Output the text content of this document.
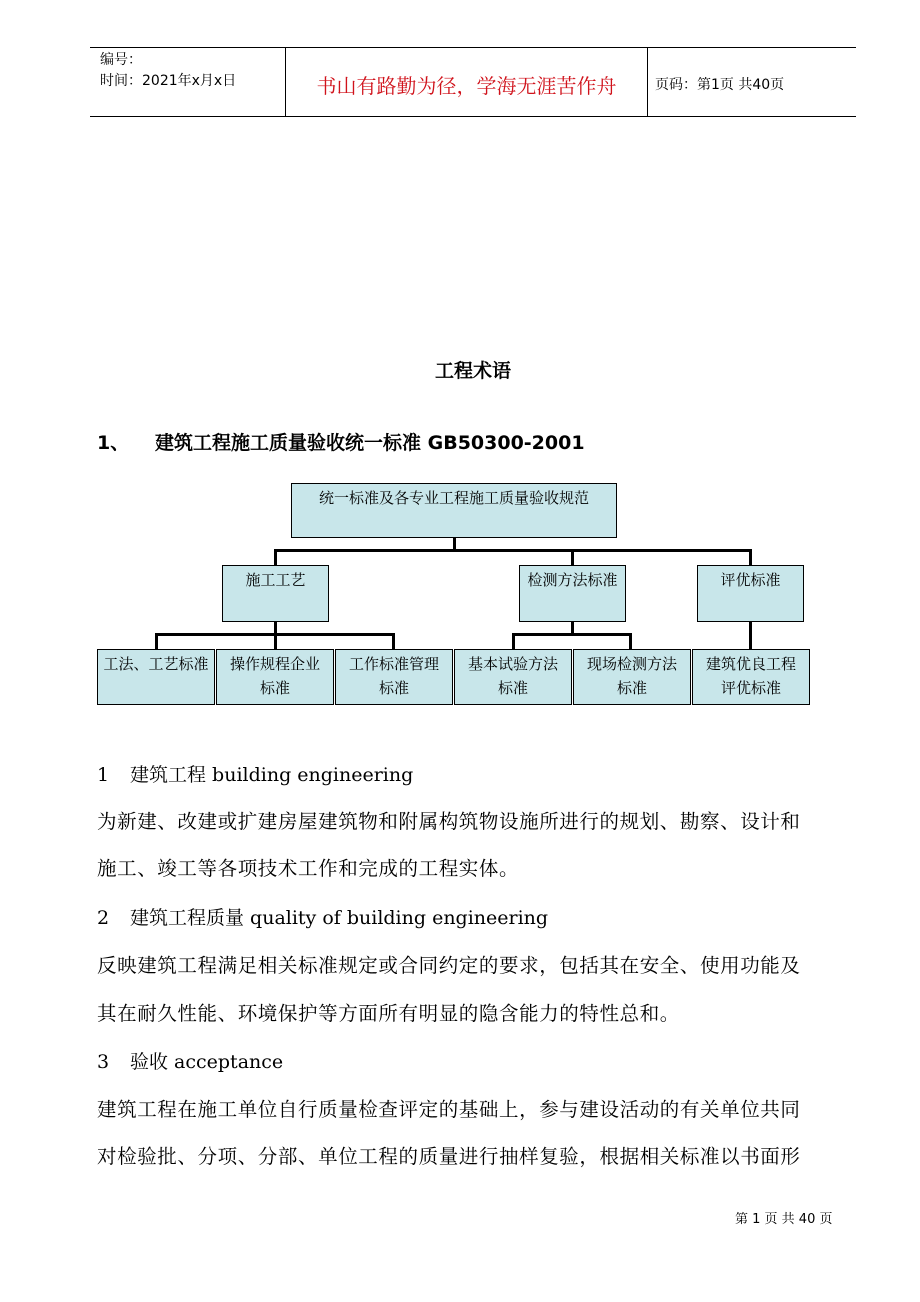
编号：
时间：2021年x月x日	书山有路勤为径，学海无涯苦作舟	页码：第1页 共40页
工程术语
1、 建筑工程施工质量验收统一标准 GB50300-2001
统一标准及各专业工程施工质量验收规范
施工工艺	检测方法标准	评优标准
工法、工艺标准	操作规程企业
标准
工作标准管理
标准
基本试验方法
标准
现场检测方法
标准
建筑优良工程
评优标准
1 建筑工程 building engineering
为新建、改建或扩建房屋建筑物和附属构筑物设施所进行的规划、勘察、设计和
施工、竣工等各项技术工作和完成的工程实体。
2 建筑工程质量 quality of building engineering
反映建筑工程满足相关标准规定或合同约定的要求，包括其在安全、使用功能及
其在耐久性能、环境保护等方面所有明显的隐含能力的特性总和。
3 验收 acceptance
建筑工程在施工单位自行质量检查评定的基础上，参与建设活动的有关单位共同
对检验批、分项、分部、单位工程的质量进行抽样复验，根据相关标准以书面形
第 1 页 共 40 页
